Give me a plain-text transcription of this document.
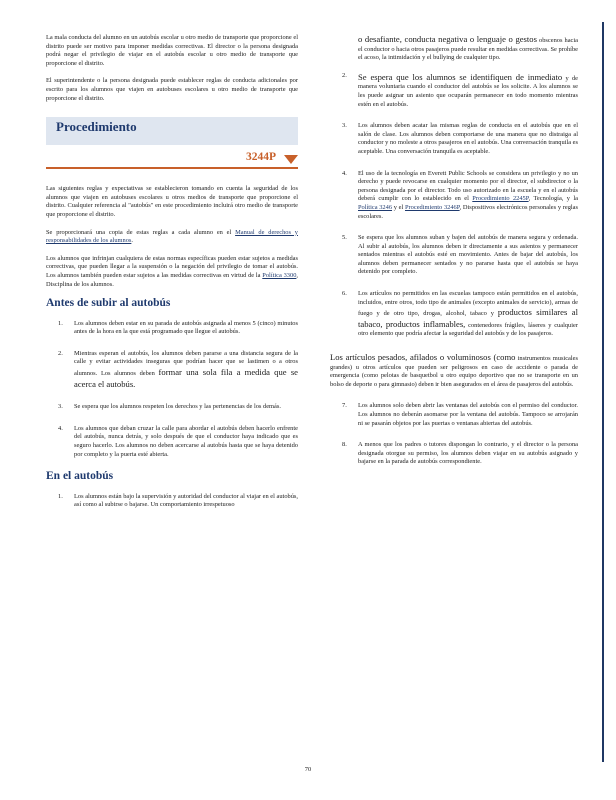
La mala conducta del alumno en un autobús escolar u otro medio de transporte que proporcione el distrito puede ser motivo para imponer medidas correctivas. El director o la persona designada podrá negar el privilegio de viajar en el autobús escolar u otro medio de transporte que proporcione el distrito.

El superintendente o la persona designada puede establecer reglas de conducta adicionales por escrito para los alumnos que viajen en autobuses escolares u otro medio de transporte que proporcione el distrito.

Procedimiento
3244P

Las siguientes reglas y expectativas se establecieron tomando en cuenta la seguridad de los alumnos que viajen en autobuses escolares u otros medios de transporte que proporcione el distrito. Cualquier referencia al "autobús" en este procedimiento incluirá otro medio de transporte que proporcione el distrito.

Se proporcionará una copia de estas reglas a cada alumno en el Manual de derechos y responsabilidades de los alumnos.

Los alumnos que infrinjan cualquiera de estas normas específicas pueden estar sujetos a medidas correctivas, que pueden llegar a la suspensión o la negación del privilegio de tomar el autobús. Los alumnos también pueden estar sujetos a las medidas correctivas en virtud de la Política 3300, Disciplina de los alumnos.

Antes de subir al autobús
1. Los alumnos deben estar en su parada de autobús asignada al menos 5 (cinco) minutos antes de la hora en la que está programado que llegue el autobús.
2. Mientras esperan el autobús, los alumnos deben pararse a una distancia segura de la calle y evitar actividades inseguras que podrían hacer que se lastimen o a otros alumnos. Los alumnos deben formar una sola fila a medida que se acerca el autobús.
3. Se espera que los alumnos respeten los derechos y las pertenencias de los demás.
4. Los alumnos que deban cruzar la calle para abordar el autobús deben hacerlo enfrente del autobús, nunca detrás, y solo después de que el conductor haya indicado que es seguro hacerlo. Los alumnos no deben acercarse al autobús hasta que se haya detenido por completo y la puerta esté abierta.
En el autobús
1. Los alumnos están bajo la supervisión y autoridad del conductor al viajar en el autobús, así como al subirse o bajarse. Un comportamiento irrespetuoso

o desafiante, conducta negativa o lenguaje o gestos obscenos hacia el conductor o hacia otros pasajeros puede resultar en medidas correctivas. Se prohíbe el acoso, la intimidación y el bullying de cualquier tipo.

2. Se espera que los alumnos se identifiquen de inmediato y de manera voluntaria cuando el conductor del autobús se los solicite. A los alumnos se les puede asignar un asiento que ocuparán permanecer en todo momento mientras estén en el autobús.
3. Los alumnos deben acatar las mismas reglas de conducta en el autobús que en el salón de clase. Los alumnos deben comportarse de una manera que no distraiga al conductor y no moleste a otros pasajeros en el autobús. Una conversación tranquila es aceptable. Una conversación tranquila es aceptable.
4. El uso de la tecnología en Everett Public Schools se considera un privilegio y no un derecho y puede revocarse en cualquier momento por el director, el subdirector o la persona designada por el director. Todo uso autorizado en la escuela y en el autobús deberá cumplir con lo establecido en el Procedimiento 2245P, Tecnología, y la Política 3246 y el Procedimiento 3246P, Dispositivos electrónicos personales y reglas escolares.
5. Se espera que los alumnos suban y bajen del autobús de manera segura y ordenada. Al subir al autobús, los alumnos deben ir directamente a sus asientos y permanecer sentados mientras el autobús esté en movimiento. Antes de bajar del autobús, los alumnos deben permanecer sentados y no pararse hasta que el autobús se haya detenido por completo.
6. Los artículos no permitidos en las escuelas tampoco están permitidos en el autobús, incluidos, entre otros, todo tipo de animales (excepto animales de servicio), armas de fuego y de otro tipo, drogas, alcohol, tabaco y productos similares al tabaco, productos inflamables, contenedores frágiles, láseres y cualquier otro elemento que podría afectar la seguridad del autobús y de los pasajeros.
Los artículos pesados, afilados o voluminosos (como instrumentos musicales grandes) u otros artículos que pueden ser peligrosos en caso de accidente o parada de emergencia (como pelotas de basquetbol u otro equipo deportivo que no se transporte en un bolso de deporte o para gimnasio) deben ir bien asegurados en el área de pasajeros del autobús.
7. Los alumnos solo deben abrir las ventanas del autobús con el permiso del conductor. Los alumnos no deberán asomarse por la ventana del autobús. Tampoco se arrojarán ni se pasarán objetos por las puertas o ventanas abiertas del autobús.
8. A menos que los padres o tutores dispongan lo contrario, y el director o la persona designada otorgue su permiso, los alumnos deben viajar en su autobús asignado y bajarse en la parada de autobús correspondiente.
70
